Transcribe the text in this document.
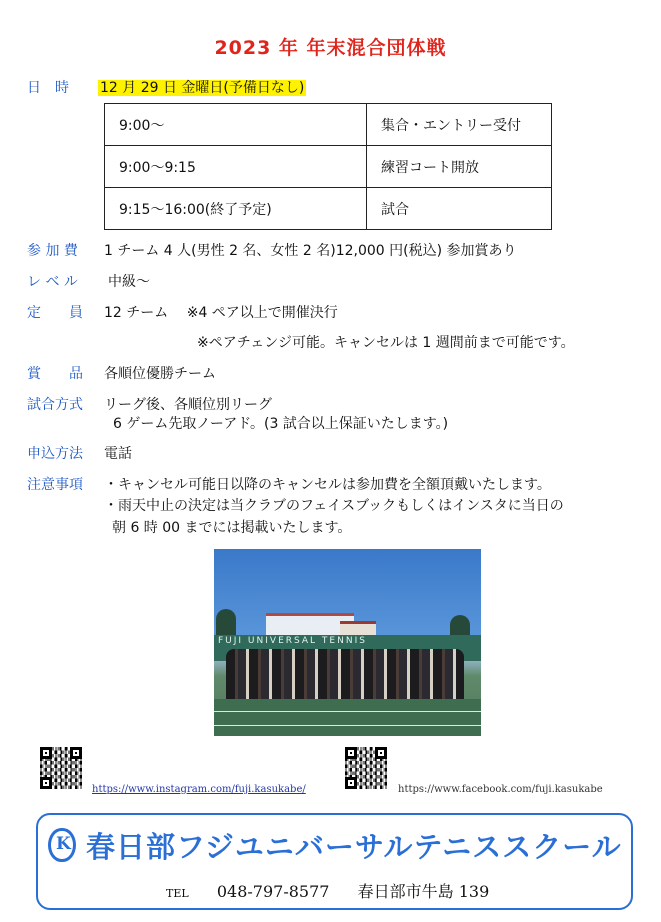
2023 年 年末混合団体戦
日　時 12 月 29 日 金曜日(予備日なし)
9:00～	集合・エントリー受付
9:00～9:15	練習コート開放
9:15～16:00(終了予定)	試合
参 加 費 1 チーム 4 人(男性 2 名、女性 2 名)12,000 円(税込) 参加賞あり
レ ベ ル 中級～
定　　員 12 チーム　 ※4 ペア以上で開催決行
※ペアチェンジ可能。キャンセルは 1 週間前まで可能です。
賞　　品 各順位優勝チーム
試合方式 リーグ後、各順位別リーグ
6 ゲーム先取ノーアド。(3 試合以上保証いたします。)
申込方法 電話
注意事項 ・キャンセル可能日以降のキャンセルは参加費を全額頂戴いたします。
・雨天中止の決定は当クラブのフェイスブックもしくはインスタに当日の
朝 6 時 00 までには掲載いたします。
FUJI UNIVERSAL TENNIS
https://www.instagram.com/fuji.kasukabe/	https://www.facebook.com/fuji.kasukabe
K 春日部フジユニバーサルテニススクール
TEL 048-797-8577 春日部市牛島 139
